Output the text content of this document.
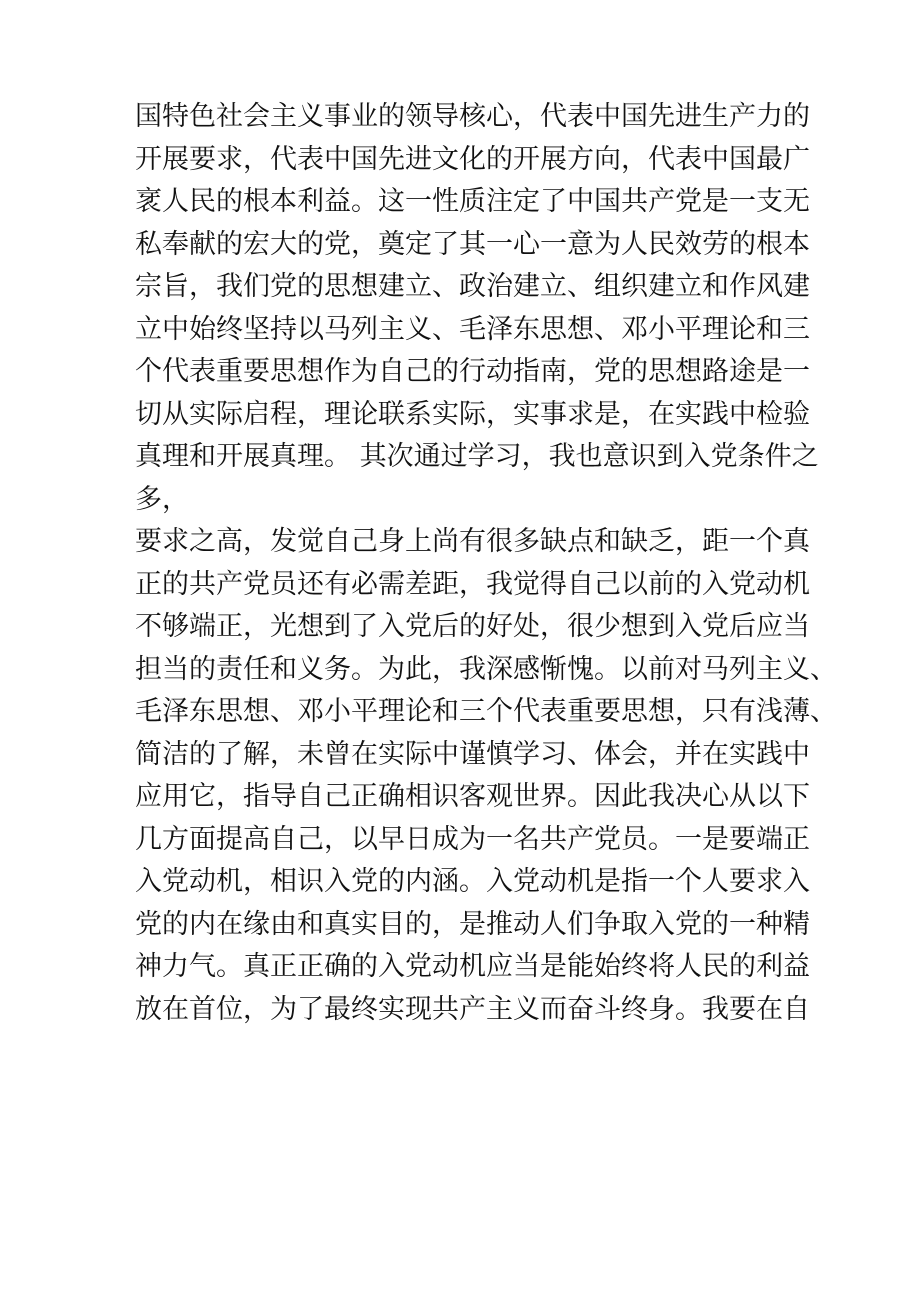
国特色社会主义事业的领导核心，代表中国先进生产力的
开展要求，代表中国先进文化的开展方向，代表中国最广
衺人民的根本利益。这一性质注定了中国共产党是一支无
私奉献的宏大的党，奠定了其一心一意为人民效劳的根本
宗旨，我们党的思想建立、政治建立、组织建立和作风建
立中始终坚持以马列主义、毛泽东思想、邓小平理论和三
个代表重要思想作为自己的行动指南，党的思想路途是一
切从实际启程，理论联系实际，实事求是，在实践中检验
真理和开展真理。 其次通过学习，我也意识到入党条件之
多，
要求之高，发觉自己身上尚有很多缺点和缺乏，距一个真
正的共产党员还有必需差距，我觉得自己以前的入党动机
不够端正，光想到了入党后的好处，很少想到入党后应当
担当的责任和义务。为此，我深感惭愧。以前对马列主义、
毛泽东思想、邓小平理论和三个代表重要思想，只有浅薄、
简洁的了解，未曾在实际中谨慎学习、体会，并在实践中
应用它，指导自己正确相识客观世界。因此我决心从以下
几方面提高自己，以早日成为一名共产党员。一是要端正
入党动机，相识入党的内涵。入党动机是指一个人要求入
党的内在缘由和真实目的，是推动人们争取入党的一种精
神力气。真正正确的入党动机应当是能始终将人民的利益
放在首位，为了最终实现共产主义而奋斗终身。我要在自
